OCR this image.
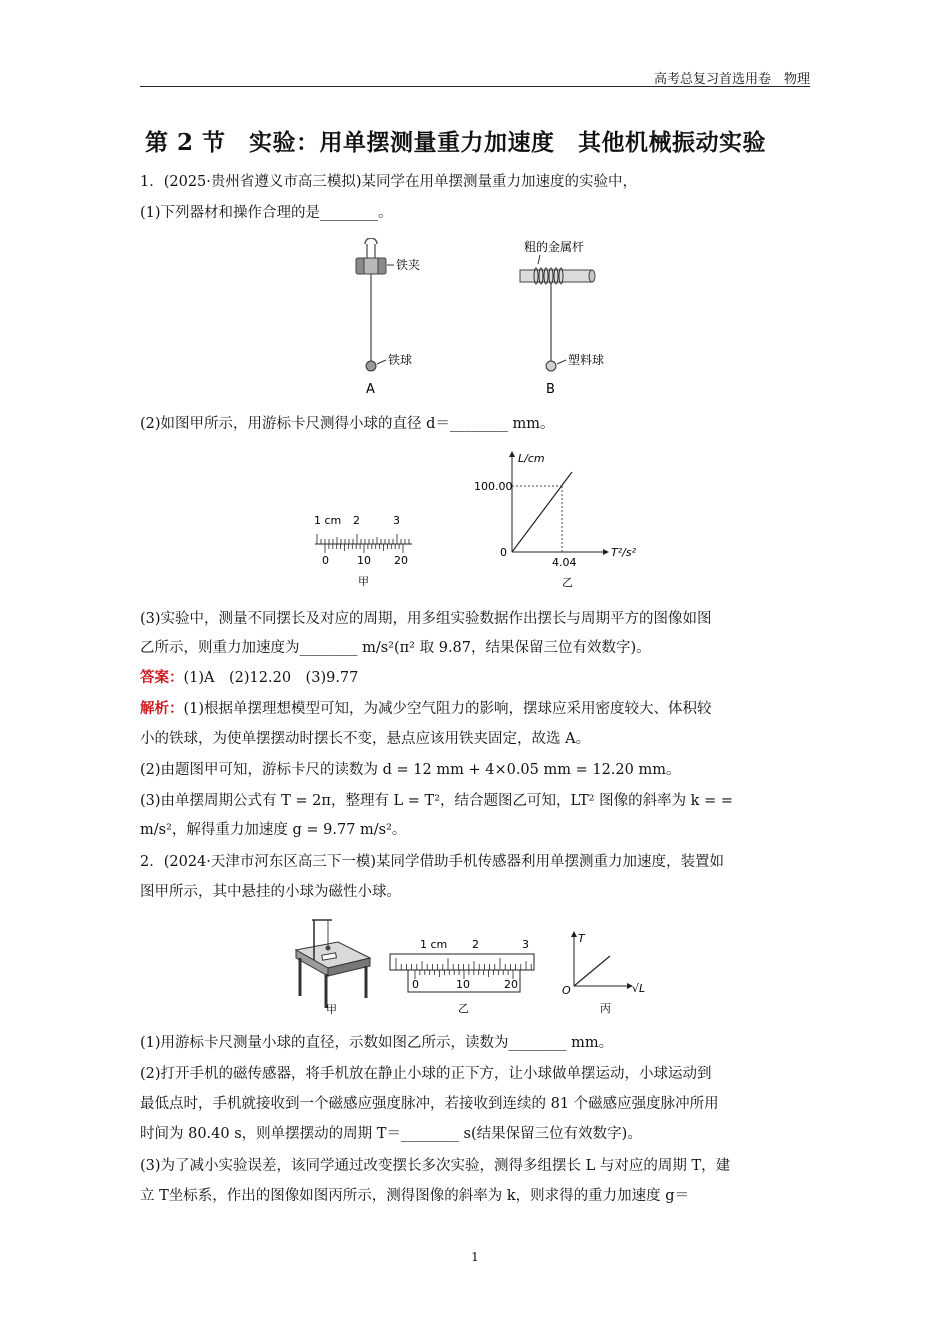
高考总复习首选用卷　物理
第 2 节　实验：用单摆测量重力加速度　其他机械振动实验
1．(2025·贵州省遵义市高三模拟)某同学在用单摆测量重力加速度的实验中，
(1)下列器材和操作合理的是________。
铁夹
铁球
A
粗的金属杆
塑料球
B
(2)如图甲所示，用游标卡尺测得小球的直径 d＝________ mm。
1 cm 2	3
0	10 20
甲
L/cm
100.00
0
4.04
T²/s²
乙
(3)实验中，测量不同摆长及对应的周期，用多组实验数据作出摆长与周期平方的图像如图
乙所示，则重力加速度为________ m/s²(π² 取 9.87，结果保留三位有效数字)。
答案：(1)A　(2)12.20　(3)9.77
解析：(1)根据单摆理想模型可知，为减少空气阻力的影响，摆球应采用密度较大、体积较
小的铁球，为使单摆摆动时摆长不变，悬点应该用铁夹固定，故选 A。
(2)由题图甲可知，游标卡尺的读数为 d = 12 mm + 4×0.05 mm = 12.20 mm。
(3)由单摆周期公式有 T = 2π，整理有 L = T²，结合题图乙可知，LT² 图像的斜率为 k = =
m/s²，解得重力加速度 g = 9.77 m/s²。
2．(2024·天津市河东区高三下一模)某同学借助手机传感器利用单摆测重力加速度，装置如
图甲所示，其中悬挂的小球为磁性小球。
甲
1 cm 2	3
0	10	20
乙
T
O	√L
丙
(1)用游标卡尺测量小球的直径，示数如图乙所示，读数为________ mm。
(2)打开手机的磁传感器，将手机放在静止小球的正下方，让小球做单摆运动，小球运动到
最低点时，手机就接收到一个磁感应强度脉冲，若接收到连续的 81 个磁感应强度脉冲所用
时间为 80.40 s，则单摆摆动的周期 T＝________ s(结果保留三位有效数字)。
(3)为了减小实验误差，该同学通过改变摆长多次实验，测得多组摆长 L 与对应的周期 T，建
立 T坐标系，作出的图像如图丙所示，测得图像的斜率为 k，则求得的重力加速度 g＝
1
